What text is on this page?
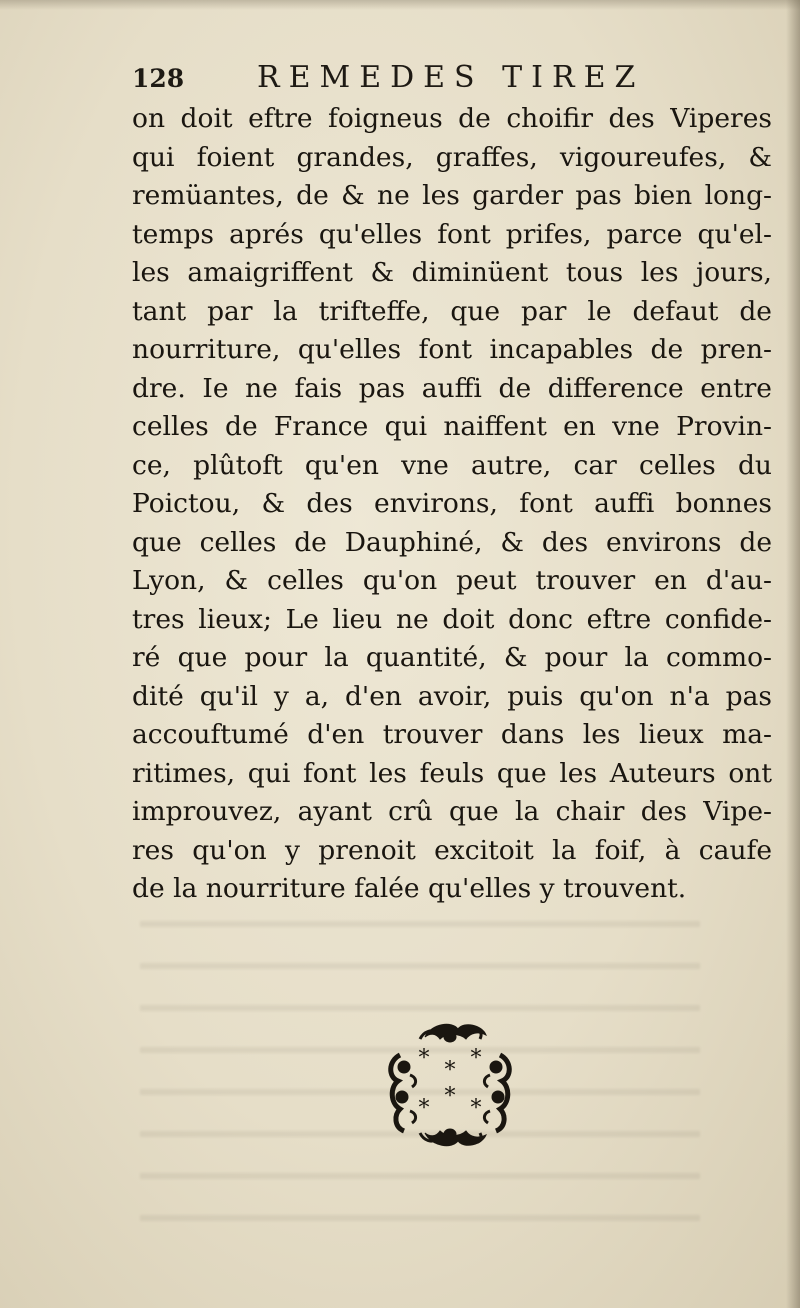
128 REMEDES TIREZ
on doit eftre foigneus de choifir des Viperes
qui foient grandes, graffes, vigoureufes, &
remüantes, de & ne les garder pas bien long-
temps aprés qu'elles font prifes, parce qu'el-
les amaigriffent & diminüent tous les jours,
tant par la trifteffe, que par le defaut de
nourriture, qu'elles font incapables de pren-
dre. Ie ne fais pas auffi de difference entre
celles de France qui naiffent en vne Provin-
ce, plûtoft qu'en vne autre, car celles du
Poictou, & des environs, font auffi bonnes
que celles de Dauphiné, & des environs de
Lyon, & celles qu'on peut trouver en d'au-
tres lieux; Le lieu ne doit donc eftre confide-
ré que pour la quantité, & pour la commo-
dité qu'il y a, d'en avoir, puis qu'on n'a pas
accouftumé d'en trouver dans les lieux ma-
ritimes, qui font les feuls que les Auteurs ont
improuvez, ayant crû que la chair des Vipe-
res qu'on y prenoit excitoit la foif, à caufe
de la nourriture falée qu'elles y trouvent.
* * *
* * *
